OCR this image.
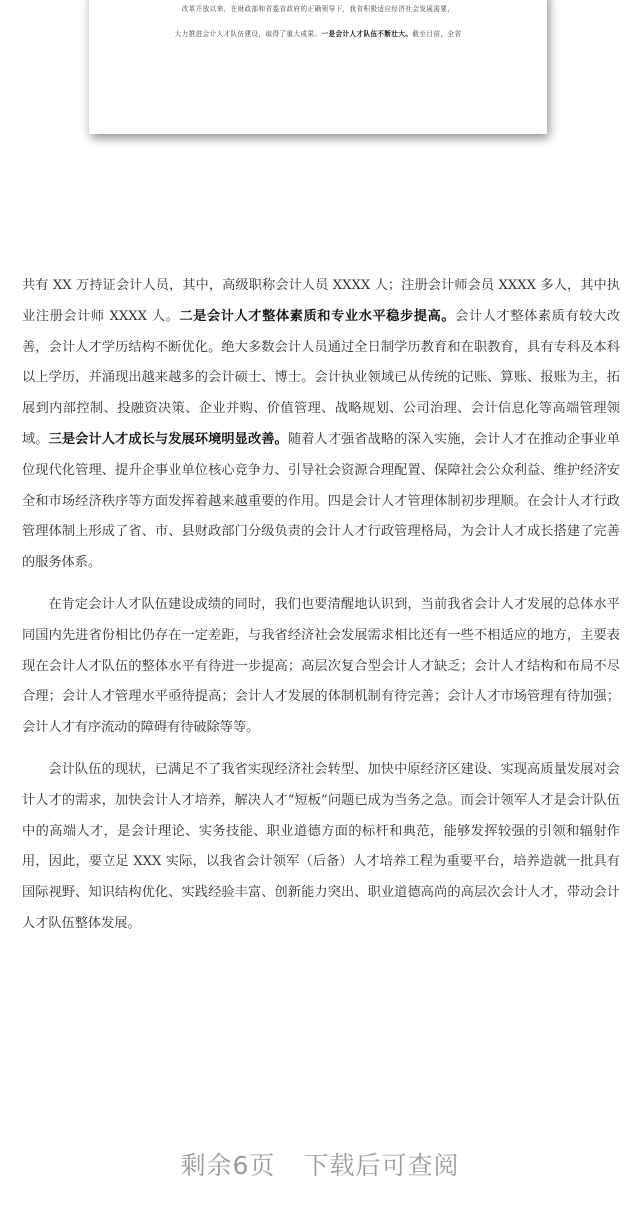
改革开放以来，在财政部和省委省政府的正确领导下，我省积极适应经济社会发展需要，
大力推进会计人才队伍建设，取得了重大成果。一是会计人才队伍不断壮大。截至目前，全省

共有 XX 万持证会计人员，其中，高级职称会计人员 XXXX 人；注册会计师会员 XXXX 多人，其中执业注册会计师 XXXX 人。二是会计人才整体素质和专业水平稳步提高。会计人才整体素质有较大改善，会计人才学历结构不断优化。绝大多数会计人员通过全日制学历教育和在职教育，具有专科及本科以上学历，并涌现出越来越多的会计硕士、博士。会计执业领域已从传统的记账、算账、报账为主，拓展到内部控制、投融资决策、企业并购、价值管理、战略规划、公司治理、会计信息化等高端管理领域。三是会计人才成长与发展环境明显改善。随着人才强省战略的深入实施，会计人才在推动企事业单位现代化管理、提升企事业单位核心竞争力、引导社会资源合理配置、保障社会公众利益、维护经济安全和市场经济秩序等方面发挥着越来越重要的作用。四是会计人才管理体制初步理顺。在会计人才行政管理体制上形成了省、市、县财政部门分级负责的会计人才行政管理格局，为会计人才成长搭建了完善的服务体系。

在肯定会计人才队伍建设成绩的同时，我们也要清醒地认识到，当前我省会计人才发展的总体水平同国内先进省份相比仍存在一定差距，与我省经济社会发展需求相比还有一些不相适应的地方，主要表现在会计人才队伍的整体水平有待进一步提高；高层次复合型会计人才缺乏；会计人才结构和布局不尽合理；会计人才管理水平亟待提高；会计人才发展的体制机制有待完善；会计人才市场管理有待加强；会计人才有序流动的障碍有待破除等等。

会计队伍的现状，已满足不了我省实现经济社会转型、加快中原经济区建设、实现高质量发展对会计人才的需求，加快会计人才培养，解决人才“短板”问题已成为当务之急。而会计领军人才是会计队伍中的高端人才，是会计理论、实务技能、职业道德方面的标杆和典范，能够发挥较强的引领和辐射作用，因此，要立足 XXX 实际，以我省会计领军（后备）人才培养工程为重要平台，培养造就一批具有国际视野、知识结构优化、实践经验丰富、创新能力突出、职业道德高尚的高层次会计人才，带动会计人才队伍整体发展。

剩余6页 下载后可查阅
